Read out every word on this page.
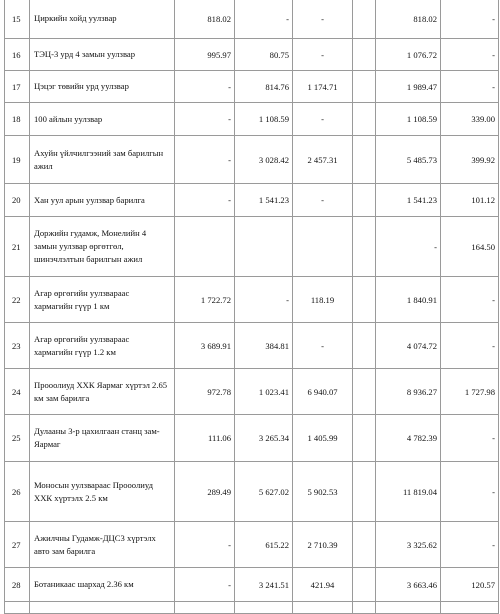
15	Циркийн хойд уулзвар	818.02	-	-		818.02	-
16	ТЭЦ-3 урд 4 замын уулзвар	995.97	80.75	-		1 076.72	-
17	Цэцэг төвийн урд уулзвар	-	814.76	1 174.71		1 989.47	-
18	100 айлын уулзвар	-	1 108.59	-		1 108.59	339.00
19	Ахуйн үйлчилгээний зам барилгын ажил	-	3 028.42	2 457.31		5 485.73	399.92
20	Хан уул арын уулзвар барилга	-	1 541.23	-		1 541.23	101.12
21	Доржийн гудамж, Монелийн 4 замын уулзвар өргөтгөл, шинэчлэлтын барилгын ажил					-	164.50
22	Агар өргөгийн уулзвараас хармагийн гүүр 1 км	1 722.72	-	118.19		1 840.91	-
23	Агар өргөгийн уулзвараас хармагийн гүүр 1.2 км	3 689.91	384.81	-		4 074.72	-
24	Прооолиуд ХХК Яармаг хүртэл 2.65 км зам барилга	972.78	1 023.41	6 940.07		8 936.27	1 727.98
25	Дулааны 3-р цахилгаан станц зам-Яармаг	111.06	3 265.34	1 405.99		4 782.39	-
26	Моносын уулзвараас Прооолиуд ХХК хүртэлх 2.5 км	289.49	5 627.02	5 902.53		11 819.04	-
27	Ажилчны Гудамж-ДЦС3 хүртэлх авто зам барилга	-	615.22	2 710.39		3 325.62	-
28	Ботаникаас шархад 2.36 км	-	3 241.51	421.94		3 663.46	120.57
